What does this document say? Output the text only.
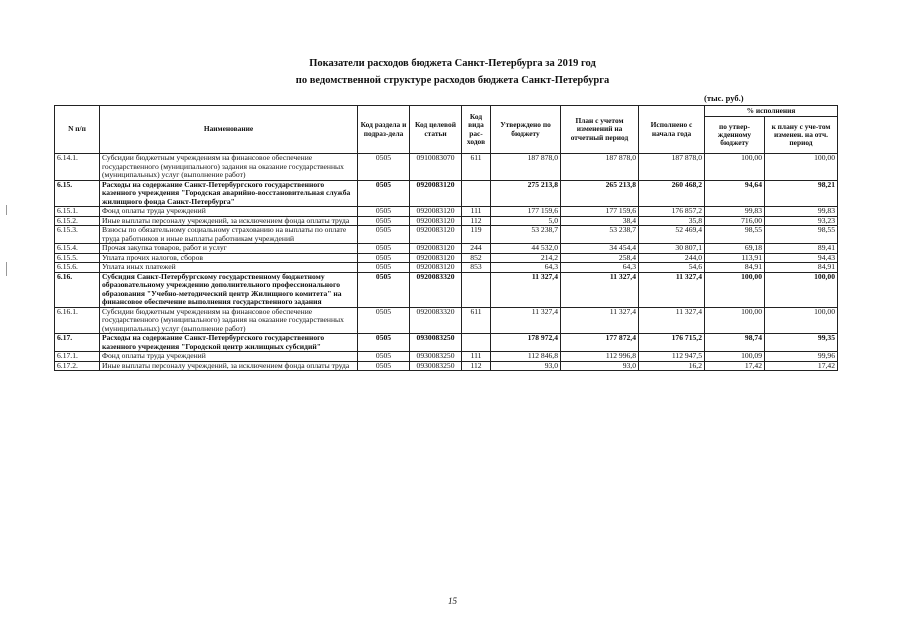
Показатели расходов бюджета Санкт-Петербурга за 2019 год
по ведомственной структуре расходов бюджета Санкт-Петербурга
(тыс. руб.)
N п/п	Наименование	Код раздела и подраз-дела	Код целевой статьи	Код вида рас-ходов	Утверждено по бюджету	План с учетом изменений на отчетный период	Исполнено с начала года	% исполнения	
								по утвер-жденному бюджету	к плану с уче-том изменен. на отч. период
6.14.1.	Субсидии бюджетным учреждениям на финансовое обеспечение государственного (муниципального) задания на оказание государственных (муниципальных) услуг (выполнение работ)	0505	0910083070	611	187 878,0	187 878,0	187 878,0	100,00	100,00
6.15.	Расходы на содержание Санкт-Петербургского государственного казенного учреждения "Городская аварийно-восстановительная служба жилищного фонда Санкт-Петербурга"	0505	0920083120		275 213,8	265 213,8	260 468,2	94,64	98,21
6.15.1.	Фонд оплаты труда учреждений	0505	0920083120	111	177 159,6	177 159,6	176 857,2	99,83	99,83
6.15.2.	Иные выплаты персоналу учреждений, за исключением фонда оплаты труда	0505	0920083120	112	5,0	38,4	35,8	716,00	93,23
6.15.3.	Взносы по обязательному социальному страхованию на выплаты по оплате труда работников и иные выплаты работникам учреждений	0505	0920083120	119	53 238,7	53 238,7	52 469,4	98,55	98,55
6.15.4.	Прочая закупка товаров, работ и услуг	0505	0920083120	244	44 532,0	34 454,4	30 807,1	69,18	89,41
6.15.5.	Уплата прочих налогов, сборов	0505	0920083120	852	214,2	258,4	244,0	113,91	94,43
6.15.6.	Уплата иных платежей	0505	0920083120	853	64,3	64,3	54,6	84,91	84,91
6.16.	Субсидия Санкт-Петербургскому государственному бюджетному образовательному учреждению дополнительного профессионального образования "Учебно-методический центр Жилищного комитета" на финансовое обеспечение выполнения государственного задания	0505	0920083320		11 327,4	11 327,4	11 327,4	100,00	100,00
6.16.1.	Субсидии бюджетным учреждениям на финансовое обеспечение государственного (муниципального) задания на оказание государственных (муниципальных) услуг (выполнение работ)	0505	0920083320	611	11 327,4	11 327,4	11 327,4	100,00	100,00
6.17.	Расходы на содержание Санкт-Петербургского государственного казенного учреждения "Городской центр жилищных субсидий"	0505	0930083250		178 972,4	177 872,4	176 715,2	98,74	99,35
6.17.1.	Фонд оплаты труда учреждений	0505	0930083250	111	112 846,8	112 996,8	112 947,5	100,09	99,96
6.17.2.	Иные выплаты персоналу учреждений, за исключением фонда оплаты труда	0505	0930083250	112	93,0	93,0	16,2	17,42	17,42
15
